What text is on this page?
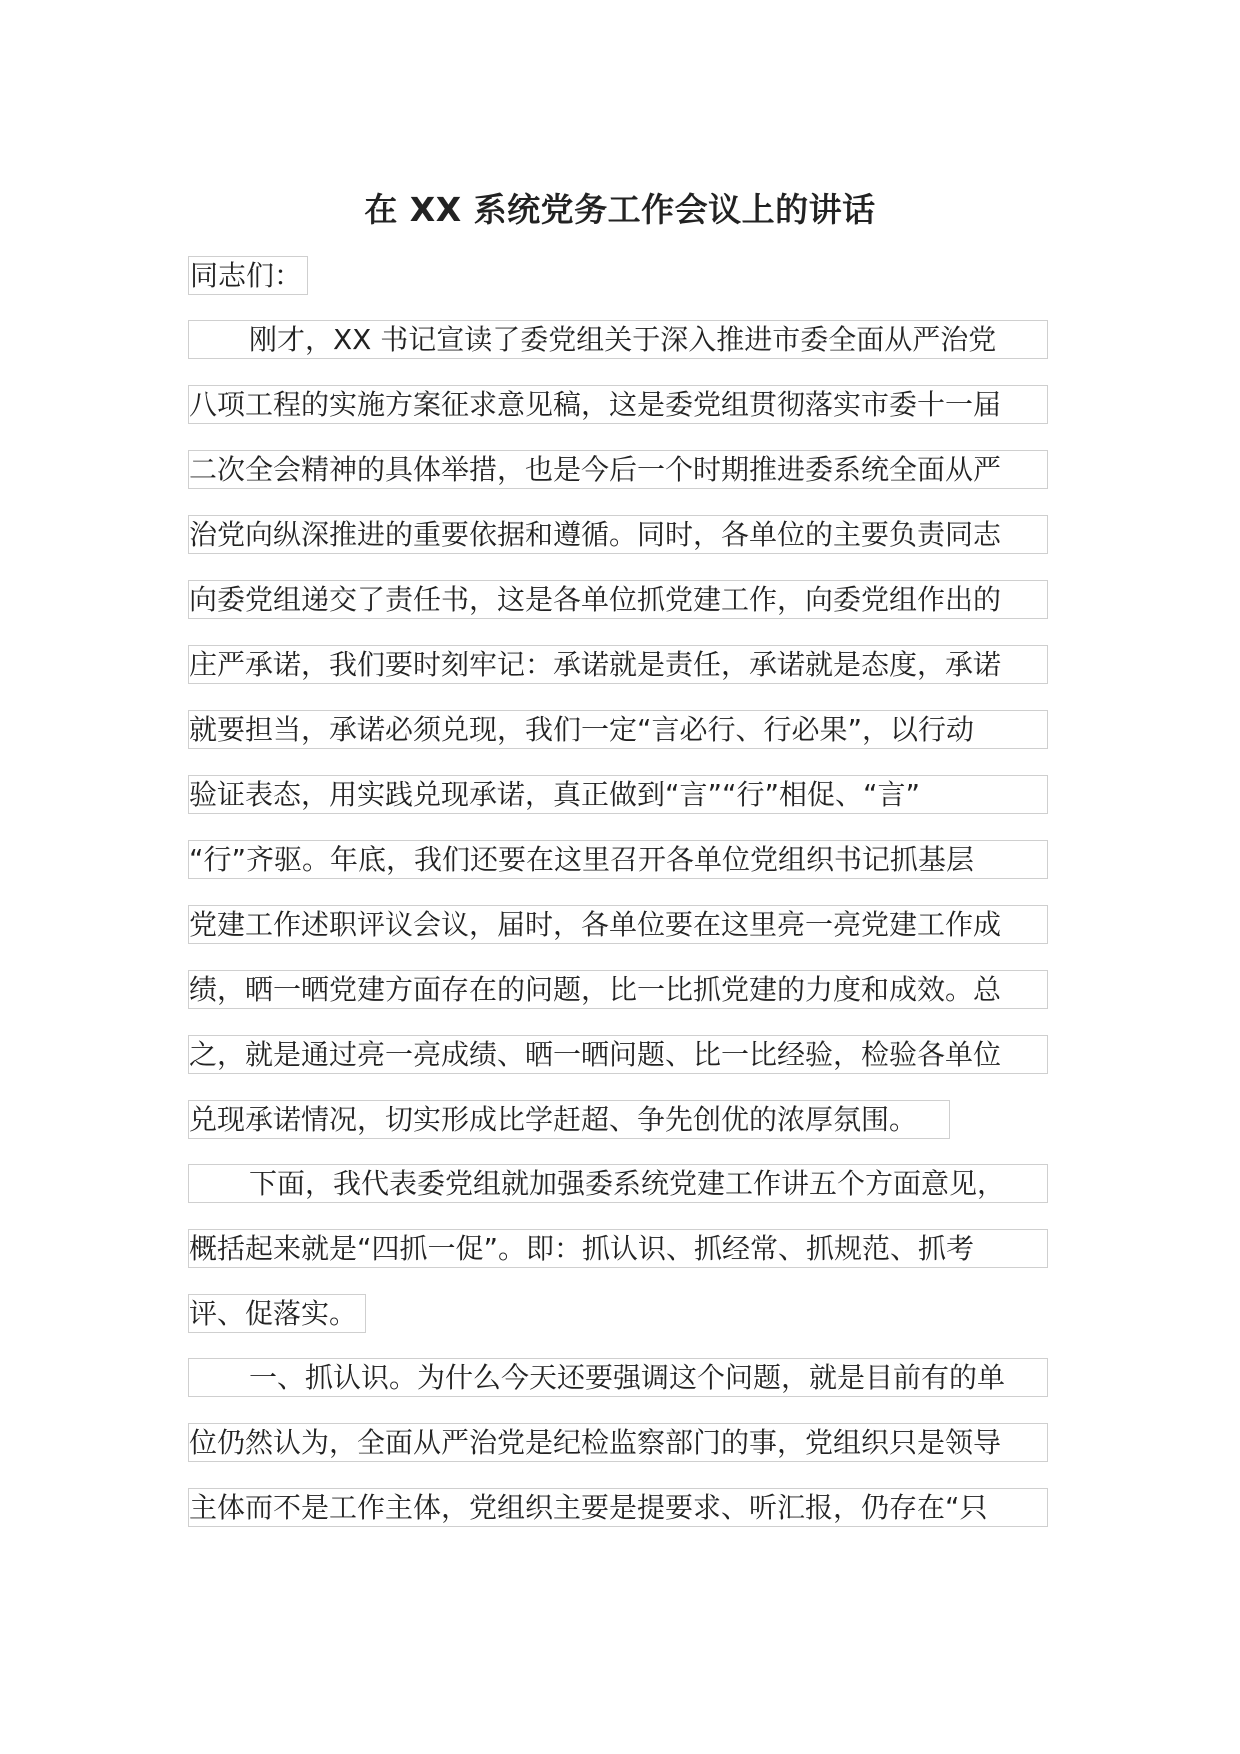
在 XX 系统党务工作会议上的讲话
同志们：
刚才，XX 书记宣读了委党组关于深入推进市委全面从严治党
八项工程的实施方案征求意见稿，这是委党组贯彻落实市委十一届
二次全会精神的具体举措，也是今后一个时期推进委系统全面从严
治党向纵深推进的重要依据和遵循。同时，各单位的主要负责同志
向委党组递交了责任书，这是各单位抓党建工作，向委党组作出的
庄严承诺，我们要时刻牢记：承诺就是责任，承诺就是态度，承诺
就要担当，承诺必须兑现，我们一定“言必行、行必果”，以行动
验证表态，用实践兑现承诺，真正做到“言”“行”相促、“言”
“行”齐驱。年底，我们还要在这里召开各单位党组织书记抓基层
党建工作述职评议会议，届时，各单位要在这里亮一亮党建工作成
绩，晒一晒党建方面存在的问题，比一比抓党建的力度和成效。总
之，就是通过亮一亮成绩、晒一晒问题、比一比经验，检验各单位
兑现承诺情况，切实形成比学赶超、争先创优的浓厚氛围。
下面，我代表委党组就加强委系统党建工作讲五个方面意见，
概括起来就是“四抓一促”。即：抓认识、抓经常、抓规范、抓考
评、促落实。
一、抓认识。为什么今天还要强调这个问题，就是目前有的单
位仍然认为，全面从严治党是纪检监察部门的事，党组织只是领导
主体而不是工作主体，党组织主要是提要求、听汇报，仍存在“只
